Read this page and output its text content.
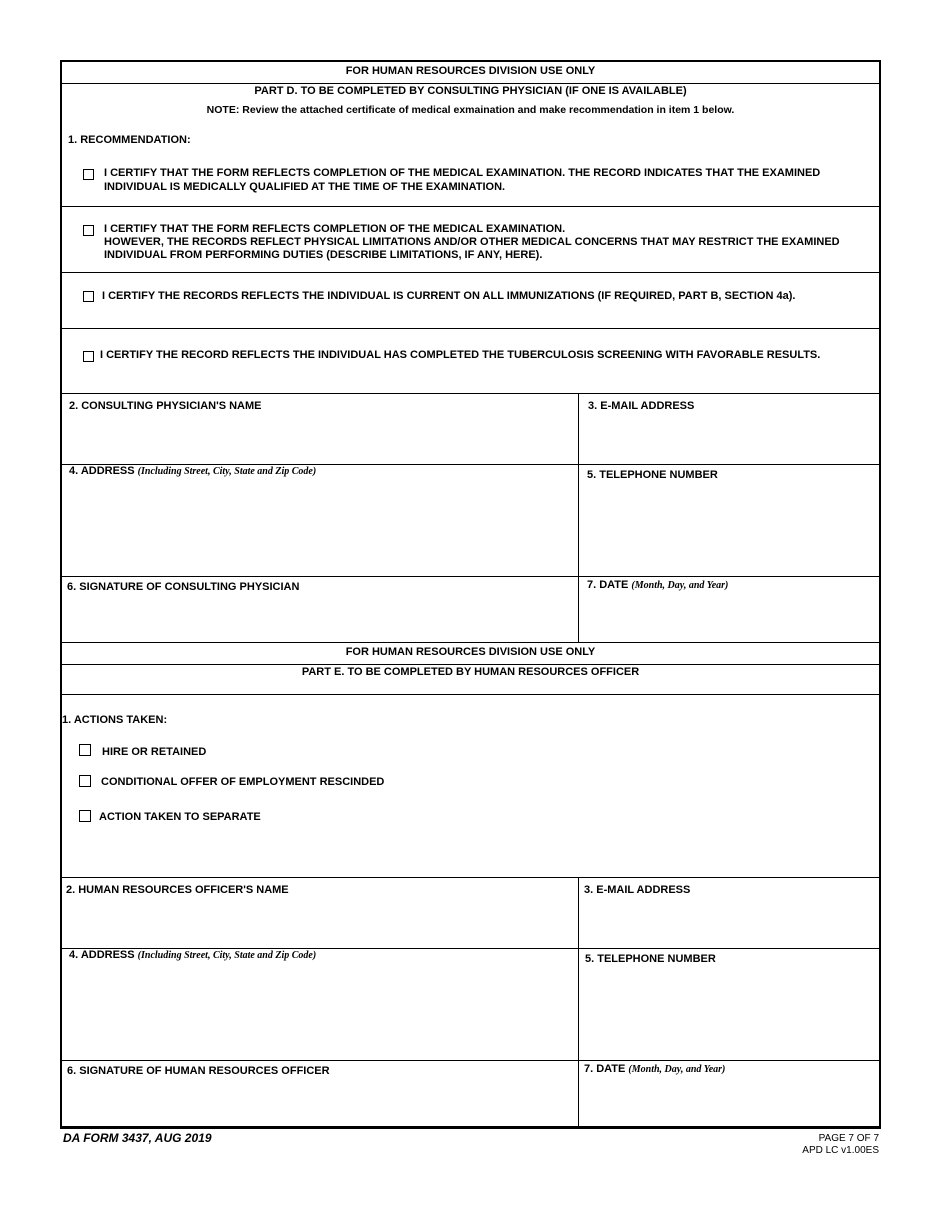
FOR HUMAN RESOURCES DIVISION USE ONLY
PART D. TO BE COMPLETED BY CONSULTING PHYSICIAN (IF ONE IS AVAILABLE)
NOTE: Review the attached certificate of medical exmaination and make recommendation in item 1 below.
1. RECOMMENDATION:
I CERTIFY THAT THE FORM REFLECTS COMPLETION OF THE MEDICAL EXAMINATION. THE RECORD INDICATES THAT THE EXAMINED
INDIVIDUAL IS MEDICALLY QUALIFIED AT THE TIME OF THE EXAMINATION.
I CERTIFY THAT THE FORM REFLECTS COMPLETION OF THE MEDICAL EXAMINATION.
HOWEVER, THE RECORDS REFLECT PHYSICAL LIMITATIONS AND/OR OTHER MEDICAL CONCERNS THAT MAY RESTRICT THE EXAMINED
INDIVIDUAL FROM PERFORMING DUTIES (DESCRIBE LIMITATIONS, IF ANY, HERE).
I CERTIFY THE RECORDS REFLECTS THE INDIVIDUAL IS CURRENT ON ALL IMMUNIZATIONS (IF REQUIRED, PART B, SECTION 4a).
I CERTIFY THE RECORD REFLECTS THE INDIVIDUAL HAS COMPLETED THE TUBERCULOSIS SCREENING WITH FAVORABLE RESULTS.
2. CONSULTING PHYSICIAN'S NAME	3. E-MAIL ADDRESS
4. ADDRESS (Including Street, City, State and Zip Code)	5. TELEPHONE NUMBER
6. SIGNATURE OF CONSULTING PHYSICIAN	7. DATE (Month, Day, and Year)
FOR HUMAN RESOURCES DIVISION USE ONLY
PART E. TO BE COMPLETED BY HUMAN RESOURCES OFFICER
1. ACTIONS TAKEN:
HIRE OR RETAINED
CONDITIONAL OFFER OF EMPLOYMENT RESCINDED
ACTION TAKEN TO SEPARATE
2. HUMAN RESOURCES OFFICER'S NAME	3. E-MAIL ADDRESS
4. ADDRESS (Including Street, City, State and Zip Code)	5. TELEPHONE NUMBER
6. SIGNATURE OF HUMAN RESOURCES OFFICER	7. DATE (Month, Day, and Year)
DA FORM 3437, AUG 2019	PAGE 7 OF 7
APD LC v1.00ES
